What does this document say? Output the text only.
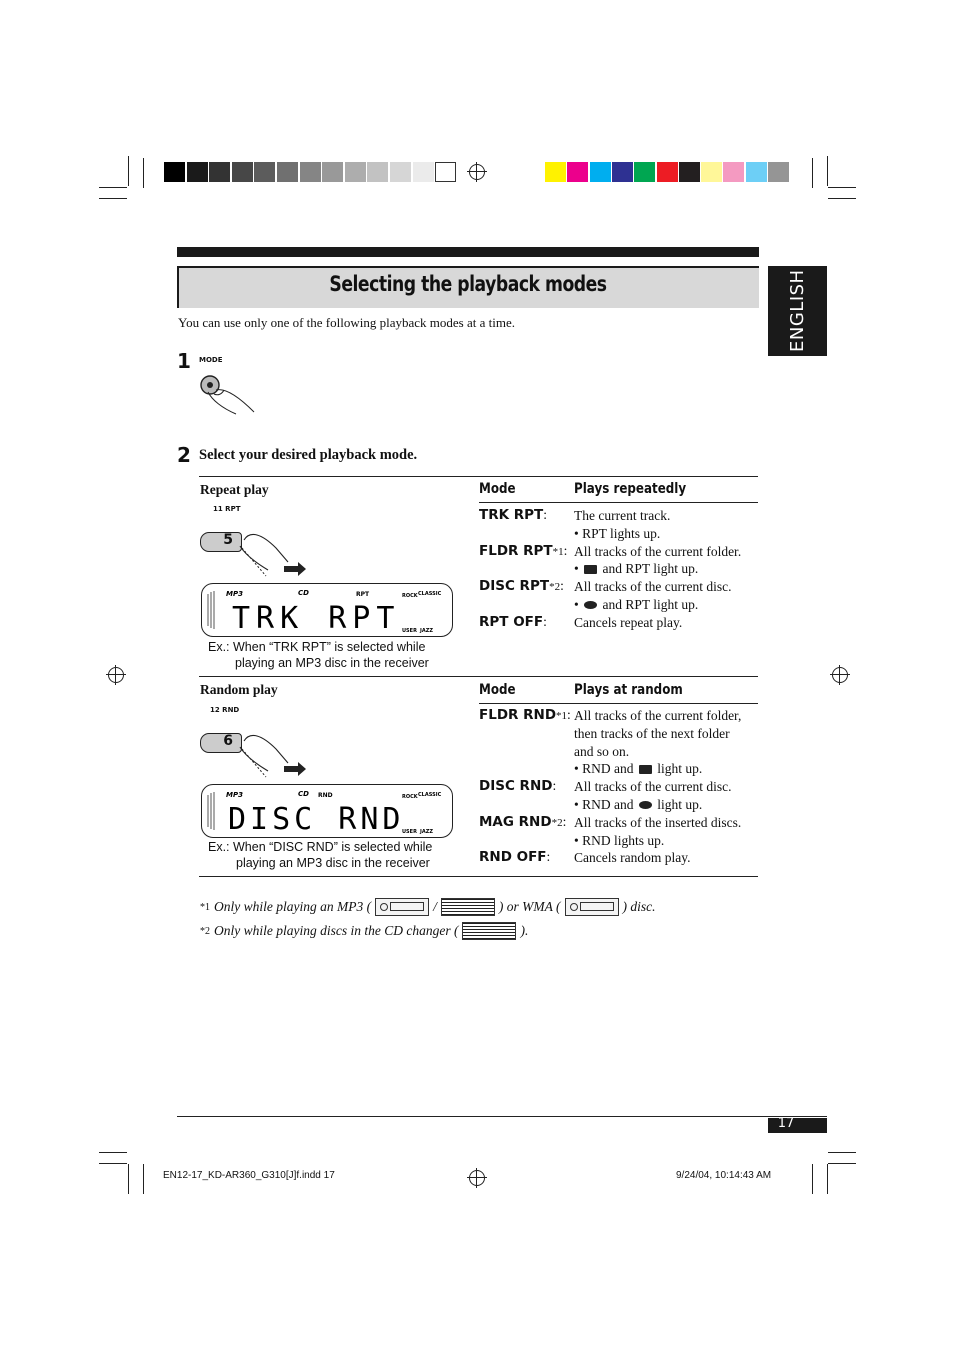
Selecting the playback modes	ENGLISH
You can use only one of the following playback modes at a time.
1 MODE
2 Select your desired playback mode.
Repeat play
11 RPT
5
MP3	CD	RPT	ROCK CLASSIC
USER JAZZ
TRK RPT
Ex.: When “TRK RPT” is selected while
playing an MP3 disc in the receiver
Mode	Plays repeatedly
TRK RPT: The current track.
• RPT lights up.
FLDR RPT*1: All tracks of the current folder.
•  and RPT light up.
DISC RPT*2: All tracks of the current disc.
•  and RPT light up.
RPT OFF: Cancels repeat play.
Random play
12 RND
6
MP3	CD RND	ROCK CLASSIC
USER JAZZ
DISC RND
Ex.: When “DISC RND” is selected while
playing an MP3 disc in the receiver
Mode	Plays at random
FLDR RND*1: All tracks of the current folder,
then tracks of the next folder
and so on.
• RND and  light up.
DISC RND: All tracks of the current disc.
• RND and  light up.
MAG RND*2: All tracks of the inserted discs.
• RND lights up.
RND OFF: Cancels random play.
*1 Only while playing an MP3 (	/	) or WMA (	) disc.
*2 Only while playing discs in the CD changer (	).
17
EN12-17_KD-AR360_G310[J]f.indd 17	9/24/04, 10:14:43 AM
